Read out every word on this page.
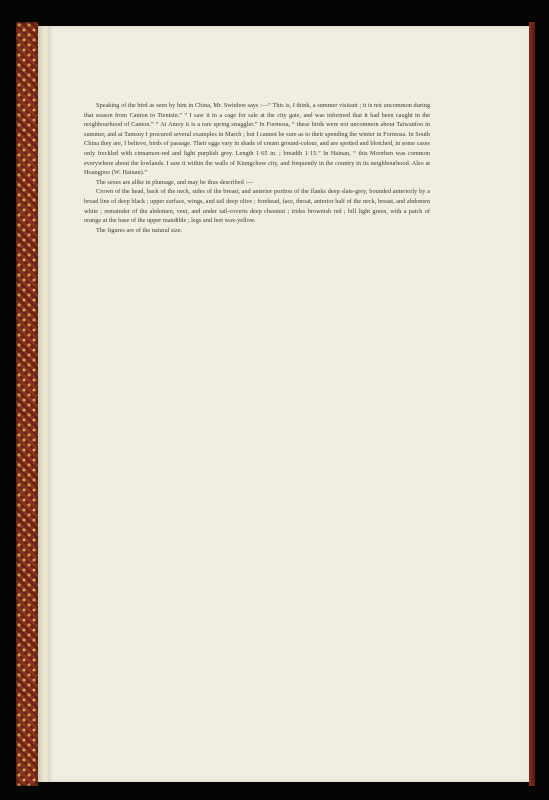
Speaking of the bird as seen by him in China, Mr. Swinhoe says :—“ This is, I think, a summer visitant ; it is not uncommon during that season from Canton to Tientsin.” “ I saw it in a cage for sale at the city gate, and was informed that it had been caught in the neighbourhood of Canton.” “ At Amoy it is a rare spring straggler.” In Formosa, “ these birds were not uncommon about Taiwanfoo in summer, and at Tamsuy I procured several examples in March ; but I cannot be sure as to their spending the winter in Formosa. In South China they are, I believe, birds of passage. Their eggs vary in shade of cream ground-colour, and are spotted and blotched, in some cases only freckled with cinnamon-red and light purplish grey. Length 1·65 in. ; breadth 1·15.” In Hainan, “ this Moorhen was common everywhere about the lowlands. I saw it within the walls of Kiungchow city, and frequently in the country in its neighbourhood. Also at Hoangpoo (W. Hainan).”

The sexes are alike in plumage, and may be thus described :—

Crown of the head, back of the neck, sides of the breast, and anterior portion of the flanks deep slate-grey, bounded anteriorly by a broad line of deep black ; upper surface, wings, and tail deep olive ; forehead, face, throat, anterior half of the neck, breast, and abdomen white ; remainder of the abdomen, vent, and under tail-coverts deep chestnut ; irides brownish red ; bill light green, with a patch of orange at the base of the upper mandible ; legs and feet wax-yellow.

The figures are of the natural size.
